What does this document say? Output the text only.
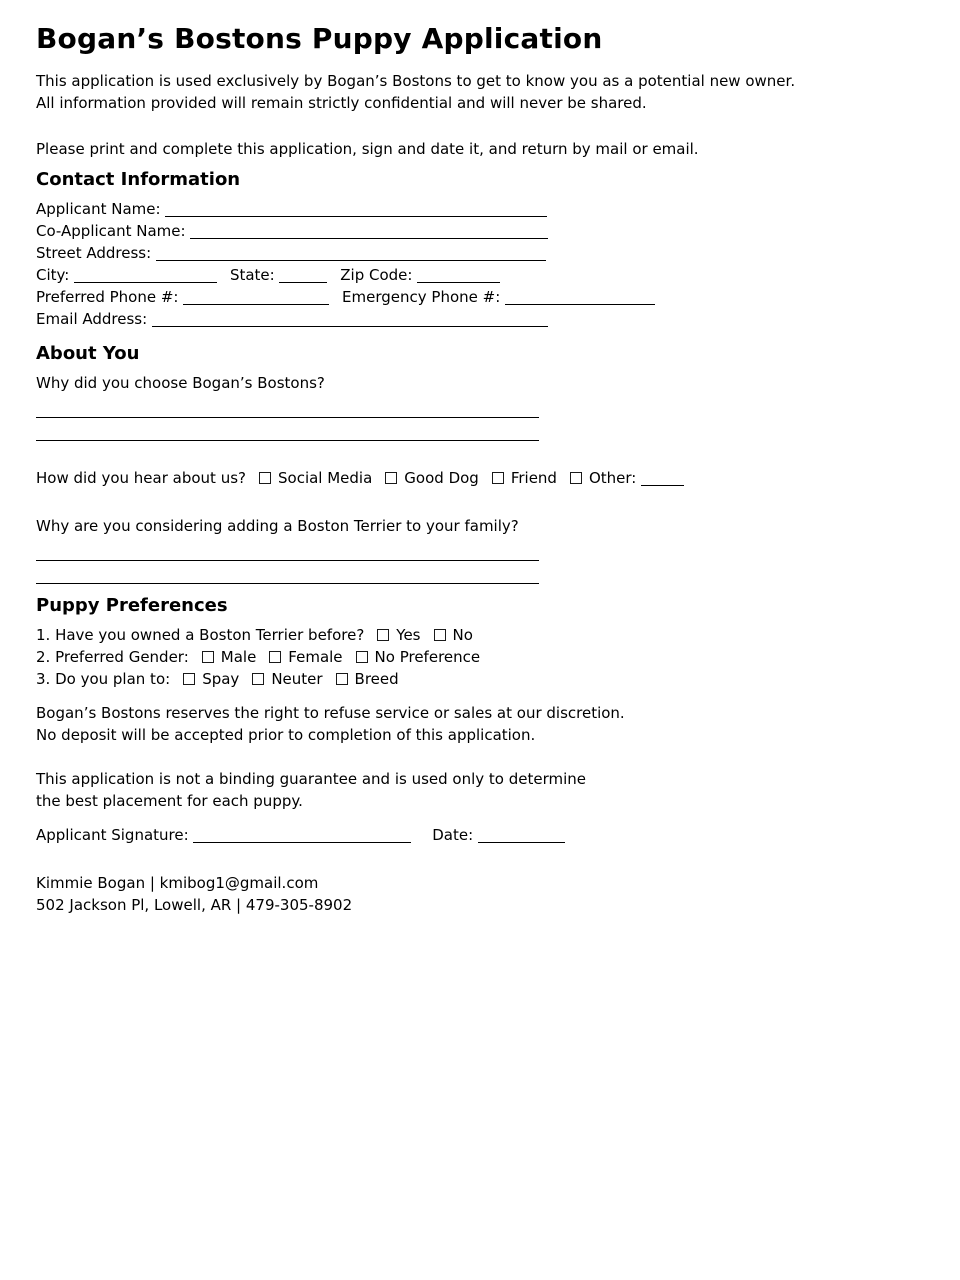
Bogan’s Bostons Puppy Application
This application is used exclusively by Bogan’s Bostons to get to know you as a potential new owner.
All information provided will remain strictly confidential and will never be shared.
Please print and complete this application, sign and date it, and return by mail or email.
Contact Information
Applicant Name:
Co-Applicant Name:
Street Address:
City:	State:	Zip Code:
Preferred Phone #:	Emergency Phone #:
Email Address:
About You
Why did you choose Bogan’s Bostons?
How did you hear about us? Social Media Good Dog Friend Other:
Why are you considering adding a Boston Terrier to your family?
Puppy Preferences
1. Have you owned a Boston Terrier before? Yes No
2. Preferred Gender: Male Female No Preference
3. Do you plan to: Spay Neuter Breed
Bogan’s Bostons reserves the right to refuse service or sales at our discretion.
No deposit will be accepted prior to completion of this application.
This application is not a binding guarantee and is used only to determine
the best placement for each puppy.
Applicant Signature:	Date:
Kimmie Bogan | kmibog1@gmail.com
502 Jackson Pl, Lowell, AR | 479-305-8902
